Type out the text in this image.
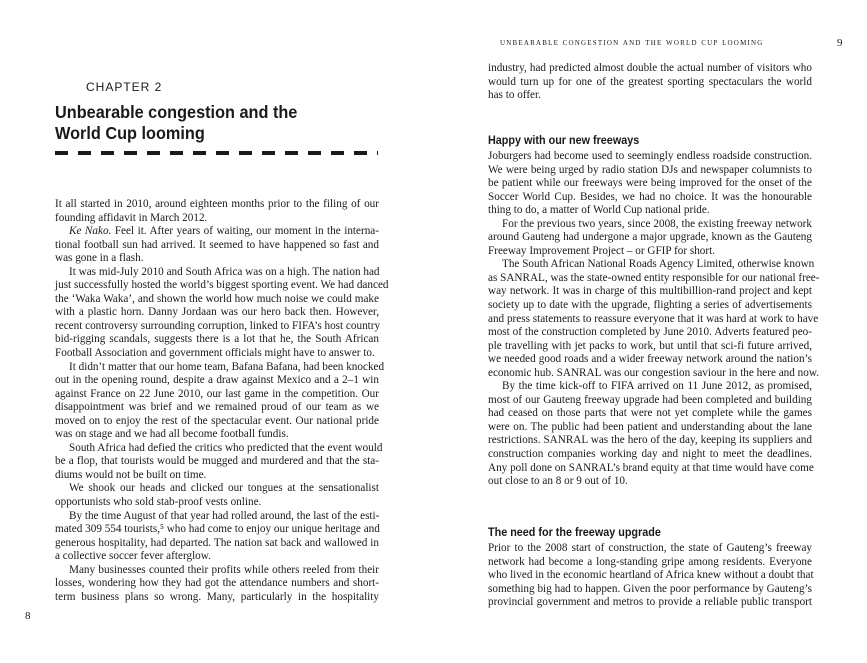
CHAPTER 2
Unbearable congestion and the
World Cup looming
It all started in 2010, around eighteen months prior to the filing of our
founding affidavit in March 2012.
Ke Nako. Feel it. After years of waiting, our moment in the interna-
tional football sun had arrived. It seemed to have happened so fast and
was gone in a flash.
It was mid-July 2010 and South Africa was on a high. The nation had
just successfully hosted the world’s biggest sporting event. We had danced
the ‘Waka Waka’, and shown the world how much noise we could make
with a plastic horn. Danny Jordaan was our hero back then. However,
recent controversy surrounding corruption, linked to FIFA’s host country
bid-rigging scandals, suggests there is a lot that he, the South African
Football Association and government officials might have to answer to.
It didn’t matter that our home team, Bafana Bafana, had been knocked
out in the opening round, despite a draw against Mexico and a 2–1 win
against France on 22 June 2010, our last game in the competition. Our
disappointment was brief and we remained proud of our team as we
moved on to enjoy the rest of the spectacular event. Our national pride
was on stage and we had all become football fundis.
South Africa had defied the critics who predicted that the event would
be a flop, that tourists would be mugged and murdered and that the sta-
diums would not be built on time.
We shook our heads and clicked our tongues at the sensationalist
opportunists who sold stab-proof vests online.
By the time August of that year had rolled around, the last of the esti-
mated 309 554 tourists,⁵ who had come to enjoy our unique heritage and
generous hospitality, had departed. The nation sat back and wallowed in
a collective soccer fever afterglow.
Many businesses counted their profits while others reeled from their
losses, wondering how they had got the attendance numbers and short-
term business plans so wrong. Many, particularly in the hospitality
8
unbearable congestion and the world cup looming	9
industry, had predicted almost double the actual number of visitors who
would turn up for one of the greatest sporting spectaculars the world
has to offer.
Happy with our new freeways
Joburgers had become used to seemingly endless roadside construction.
We were being urged by radio station DJs and newspaper columnists to
be patient while our freeways were being improved for the onset of the
Soccer World Cup. Besides, we had no choice. It was the honourable
thing to do, a matter of World Cup national pride.
For the previous two years, since 2008, the existing freeway network
around Gauteng had undergone a major upgrade, known as the Gauteng
Freeway Improvement Project – or GFIP for short.
The South African National Roads Agency Limited, otherwise known
as SANRAL, was the state-owned entity responsible for our national free-
way network. It was in charge of this multibillion-rand project and kept
society up to date with the upgrade, flighting a series of advertisements
and press statements to reassure everyone that it was hard at work to have
most of the construction completed by June 2010. Adverts featured peo-
ple travelling with jet packs to work, but until that sci-fi future arrived,
we needed good roads and a wider freeway network around the nation’s
economic hub. SANRAL was our congestion saviour in the here and now.
By the time kick-off to FIFA arrived on 11 June 2012, as promised,
most of our Gauteng freeway upgrade had been completed and building
had ceased on those parts that were not yet complete while the games
were on. The public had been patient and understanding about the lane
restrictions. SANRAL was the hero of the day, keeping its suppliers and
construction companies working day and night to meet the deadlines.
Any poll done on SANRAL’s brand equity at that time would have come
out close to an 8 or 9 out of 10.
The need for the freeway upgrade
Prior to the 2008 start of construction, the state of Gauteng’s freeway
network had become a long-standing gripe among residents. Everyone
who lived in the economic heartland of Africa knew without a doubt that
something big had to happen. Given the poor performance by Gauteng’s
provincial government and metros to provide a reliable public transport
